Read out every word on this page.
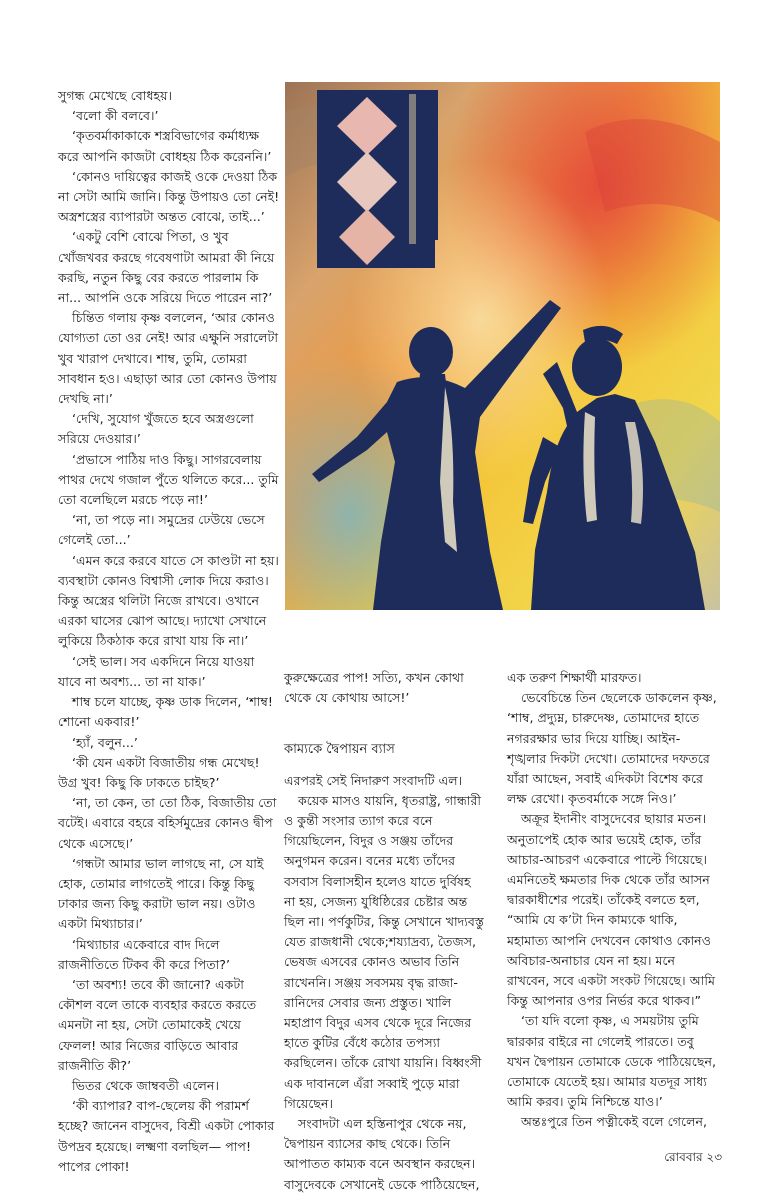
সুগন্ধ মেখেছে বোধহয়।

‘বলো কী বলবে।’

‘কৃতবর্মাকাকাকে শস্ত্রবিভাগের কর্মাধ্যক্ষ করে আপনি কাজটা বোধহয় ঠিক করেননি।’

‘কোনও দায়িত্বের কাজই ওকে দেওয়া ঠিক না সেটা আমি জানি। কিন্তু উপায়ও তো নেই! অস্ত্রশস্ত্রের ব্যাপারটা অন্তত বোঝে, তাই...’

‘একটু বেশি বোঝে পিতা, ও খুব খোঁজখবর করছে গবেষণাটা আমরা কী নিয়ে করছি, নতুন কিছু বের করতে পারলাম কি না... আপনি ওকে সরিয়ে দিতে পারেন না?’

চিন্তিত গলায় কৃষ্ণ বললেন, ‘আর কোনও যোগ্যতা তো ওর নেই! আর এক্ষুনি সরালেটা খুব খারাপ দেখাবে। শাম্ব, তুমি, তোমরা সাবধান হও। এছাড়া আর তো কোনও উপায় দেখছি না।’

‘দেখি, সুযোগ খুঁজতে হবে অস্ত্রগুলো সরিয়ে দেওয়ার।’

‘প্রভাসে পাঠিয় দাও কিছু। সাগরবেলায় পাথর দেখে গজাল পুঁতে থলিতে করে... তুমি তো বলেছিলে মরচে পড়ে না!’

‘না, তা পড়ে না। সমুদ্রের ঢেউয়ে ভেসে গেলেই তো...’

‘এমন করে করবে যাতে সে কাণ্ডটা না হয়। ব্যবস্থাটা কোনও বিশ্বাসী লোক দিয়ে করাও। কিন্তু অস্ত্রের থলিটা নিজে রাখবে। ওখানে এরকা ঘাসের ঝোপ আছে। দ্যাখো সেখানে লুকিয়ে ঠিকঠাক করে রাখা যায় কি না।’

‘সেই ভাল। সব একদিনে নিয়ে যাওয়া যাবে না অবশ্য... তা না যাক।’

শাম্ব চলে যাচ্ছে, কৃষ্ণ ডাক দিলেন, ‘শাম্ব! শোনো একবার!’

‘হ্যাঁ, বলুন...’

‘কী যেন একটা বিজাতীয় গন্ধ মেখেছ! উগ্র খুব! কিছু কি ঢাকতে চাইছ?’

‘না, তা কেন, তা তো ঠিক, বিজাতীয় তো বটেই। এবারে বহরে বহির্সমুদ্রের কোনও দ্বীপ থেকে এসেছে।’

‘গন্ধটা আমার ভাল লাগছে না, সে যাই হোক, তোমার লাগতেই পারে। কিন্তু কিছু ঢাকার জন্য কিছু করাটা ভাল নয়। ওটাও একটা মিথ্যাচার।’

‘মিথ্যাচার একেবারে বাদ দিলে রাজনীতিতে টিকব কী করে পিতা?’

‘তা অবশ্য! তবে কী জানো? একটা কৌশল বলে তাকে ব্যবহার করতে করতে এমনটা না হয়, সেটা তোমাকেই খেয়ে ফেলল! আর নিজের বাড়িতে আবার রাজনীতি কী?’

ভিতর থেকে জাম্ববতী এলেন।

‘কী ব্যাপার? বাপ-ছেলেয় কী পরামর্শ হচ্ছে? জানেন বাসুদেব, বিশ্রী একটা পোকার উপদ্রব হয়েছে। লক্ষ্মণা বলছিল— পাপ! পাপের পোকা!

কুরুক্ষেত্রের পাপ! সত্যি, কখন কোথা থেকে যে কোথায় আসে!’

কাম্যকে দ্বৈপায়ন ব্যাস

এরপরই সেই নিদারুণ সংবাদটি এল।

কয়েক মাসও যায়নি, ধৃতরাষ্ট্র, গান্ধারী ও কুন্তী সংসার ত্যাগ করে বনে গিয়েছিলেন, বিদুর ও সঞ্জয় তাঁদের অনুগমন করেন। বনের মধ্যে তাঁদের বসবাস বিলাসহীন হলেও যাতে দুর্বিষহ না হয়, সেজন্য যুধিষ্ঠিরের চেষ্টার অন্ত ছিল না। পর্ণকুটির, কিন্তু সেখানে খাদ্যবস্তু যেত রাজধানী থেকে;শয্যাদ্রব্য, তৈজস, ভেষজ এসবের কোনও অভাব তিনি রাখেননি। সঞ্জয় সবসময় বৃদ্ধ রাজা-রানিদের সেবার জন্য প্রস্তুত। খালি মহাপ্রাণ বিদুর এসব থেকে দূরে নিজের হাতে কুটির বেঁধে কঠোর তপস্যা করছিলেন। তাঁকে রোখা যায়নি। বিধ্বংসী এক দাবানলে এঁরা সব্বাই পুড়ে মারা গিয়েছেন।

সংবাদটা এল হস্তিনাপুর থেকে নয়, দ্বৈপায়ন ব্যাসের কাছ থেকে। তিনি আপাতত কাম্যক বনে অবস্থান করছেন। বাসুদেবকে সেখানেই ডেকে পাঠিয়েছেন,

এক তরুণ শিক্ষার্থী মারফত।

ভেবেচিন্তে তিন ছেলেকে ডাকলেন কৃষ্ণ, ‘শাম্ব, প্রদ্যুম্ন, চারুদেষ্ণ, তোমাদের হাতে নগররক্ষার ভার দিয়ে যাচ্ছি। আইন-শৃঙ্খলার দিকটা দেখো। তোমাদের দফতরে যাঁরা আছেন, সবাই এদিকটা বিশেষ করে লক্ষ রেখো। কৃতবর্মাকে সঙ্গে নিও।’

অক্রূর ইদানীং বাসুদেবের ছায়ার মতন। অনুতাপেই হোক আর ভয়েই হোক, তাঁর আচার-আচরণ একেবারে পাল্টে গিয়েছে। এমনিতেই ক্ষমতার দিক থেকে তাঁর আসন দ্বারকাধীশের পরেই। তাঁকেই বলতে হল, “আমি যে ক’টা দিন কাম্যকে থাকি, মহামাত্য আপনি দেখবেন কোথাও কোনও অবিচার-অনাচার যেন না হয়। মনে রাখবেন, সবে একটা সংকট গিয়েছে। আমি কিন্তু আপনার ওপর নির্ভর করে থাকব।”

‘তা যদি বলো কৃষ্ণ, এ সময়টায় তুমি দ্বারকার বাইরে না গেলেই পারতে। তবু যখন দ্বৈপায়ন তোমাকে ডেকে পাঠিয়েছেন, তোমাকে যেতেই হয়। আমার যতদূর সাধ্য আমি করব। তুমি নিশ্চিন্তে যাও।’

অন্তঃপুরে তিন পত্নীকেই বলে গেলেন,

রোববার ২৩
